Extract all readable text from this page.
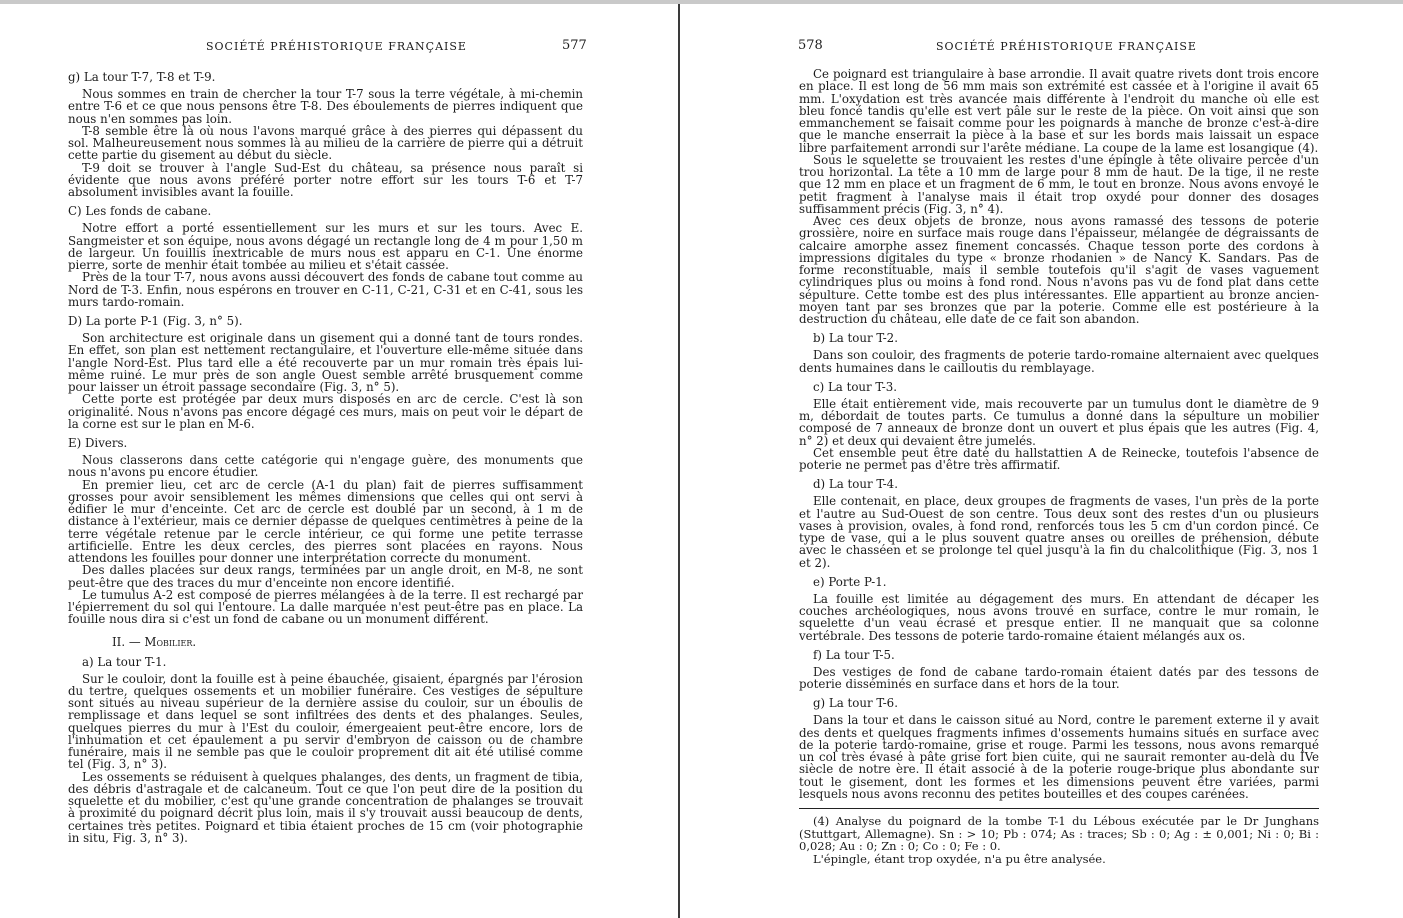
SOCIÉTÉ PRÉHISTORIQUE FRANÇAISE	577
g) La tour T-7, T-8 et T-9.

Nous sommes en train de chercher la tour T-7 sous la terre végétale, à mi-chemin entre T-6 et ce que nous pensons être T-8. Des éboulements de pierres indiquent que nous n'en sommes pas loin.

T-8 semble être là où nous l'avons marqué grâce à des pierres qui dépassent du sol. Malheureusement nous sommes là au milieu de la carrière de pierre qui a détruit cette partie du gisement au début du siècle.

T-9 doit se trouver à l'angle Sud-Est du château, sa présence nous paraît si évidente que nous avons préféré porter notre effort sur les tours T-6 et T-7 absolument invisibles avant la fouille.

C) Les fonds de cabane.

Notre effort a porté essentiellement sur les murs et sur les tours. Avec E. Sangmeister et son équipe, nous avons dégagé un rectangle long de 4 m pour 1,50 m de largeur. Un fouillis inextricable de murs nous est apparu en C-1. Une énorme pierre, sorte de menhir était tombée au milieu et s'était cassée.

Près de la tour T-7, nous avons aussi découvert des fonds de cabane tout comme au Nord de T-3. Enfin, nous espérons en trouver en C-11, C-21, C-31 et en C-41, sous les murs tardo-romain.

D) La porte P-1 (Fig. 3, n° 5).

Son architecture est originale dans un gisement qui a donné tant de tours rondes. En effet, son plan est nettement rectangulaire, et l'ouverture elle-même située dans l'angle Nord-Est. Plus tard elle a été recouverte par un mur romain très épais lui-même ruiné. Le mur près de son angle Ouest semble arrêté brusquement comme pour laisser un étroit passage secondaire (Fig. 3, n° 5).

Cette porte est protégée par deux murs disposés en arc de cercle. C'est là son originalité. Nous n'avons pas encore dégagé ces murs, mais on peut voir le départ de la corne est sur le plan en M-6.

E) Divers.

Nous classerons dans cette catégorie qui n'engage guère, des monuments que nous n'avons pu encore étudier.

En premier lieu, cet arc de cercle (A-1 du plan) fait de pierres suffisamment grosses pour avoir sensiblement les mêmes dimensions que celles qui ont servi à édifier le mur d'enceinte. Cet arc de cercle est doublé par un second, à 1 m de distance à l'extérieur, mais ce dernier dépasse de quelques centimètres à peine de la terre végétale retenue par le cercle intérieur, ce qui forme une petite terrasse artificielle. Entre les deux cercles, des pierres sont placées en rayons. Nous attendons les fouilles pour donner une interprétation correcte du monument.

Des dalles placées sur deux rangs, terminées par un angle droit, en M-8, ne sont peut-être que des traces du mur d'enceinte non encore identifié.

Le tumulus A-2 est composé de pierres mélangées à de la terre. Il est rechargé par l'épierrement du sol qui l'entoure. La dalle marquée n'est peut-être pas en place. La fouille nous dira si c'est un fond de cabane ou un monument différent.

II. — Mobilier.
a) La tour T-1.

Sur le couloir, dont la fouille est à peine ébauchée, gisaient, épargnés par l'érosion du tertre, quelques ossements et un mobilier funéraire. Ces vestiges de sépulture sont situés au niveau supérieur de la dernière assise du couloir, sur un éboulis de remplissage et dans lequel se sont infiltrées des dents et des phalanges. Seules, quelques pierres du mur à l'Est du couloir, émergeaient peut-être encore, lors de l'inhumation et cet épaulement a pu servir d'embryon de caisson ou de chambre funéraire, mais il ne semble pas que le couloir proprement dit ait été utilisé comme tel (Fig. 3, n° 3).

Les ossements se réduisent à quelques phalanges, des dents, un fragment de tibia, des débris d'astragale et de calcaneum. Tout ce que l'on peut dire de la position du squelette et du mobilier, c'est qu'une grande concentration de phalanges se trouvait à proximité du poignard décrit plus loin, mais il s'y trouvait aussi beaucoup de dents, certaines très petites. Poignard et tibia étaient proches de 15 cm (voir photographie in situ, Fig. 3, n° 3).

578	SOCIÉTÉ PRÉHISTORIQUE FRANÇAISE

Ce poignard est triangulaire à base arrondie. Il avait quatre rivets dont trois encore en place. Il est long de 56 mm mais son extrémité est cassée et à l'origine il avait 65 mm. L'oxydation est très avancée mais différente à l'endroit du manche où elle est bleu foncé tandis qu'elle est vert pâle sur le reste de la pièce. On voit ainsi que son emmanchement se faisait comme pour les poignards à manche de bronze c'est-à-dire que le manche enserrait la pièce à la base et sur les bords mais laissait un espace libre parfaitement arrondi sur l'arête médiane. La coupe de la lame est losangique (4).

Sous le squelette se trouvaient les restes d'une épingle à tête olivaire percée d'un trou horizontal. La tête a 10 mm de large pour 8 mm de haut. De la tige, il ne reste que 12 mm en place et un fragment de 6 mm, le tout en bronze. Nous avons envoyé le petit fragment à l'analyse mais il était trop oxydé pour donner des dosages suffisamment précis (Fig. 3, n° 4).

Avec ces deux objets de bronze, nous avons ramassé des tessons de poterie grossière, noire en surface mais rouge dans l'épaisseur, mélangée de dégraissants de calcaire amorphe assez finement concassés. Chaque tesson porte des cordons à impressions digitales du type « bronze rhodanien » de Nancy K. Sandars. Pas de forme reconstituable, mais il semble toutefois qu'il s'agit de vases vaguement cylindriques plus ou moins à fond rond. Nous n'avons pas vu de fond plat dans cette sépulture. Cette tombe est des plus intéressantes. Elle appartient au bronze ancien-moyen tant par ses bronzes que par la poterie. Comme elle est postérieure à la destruction du château, elle date de ce fait son abandon.

b) La tour T-2.

Dans son couloir, des fragments de poterie tardo-romaine alternaient avec quelques dents humaines dans le cailloutis du remblayage.

c) La tour T-3.

Elle était entièrement vide, mais recouverte par un tumulus dont le diamètre de 9 m, débordait de toutes parts. Ce tumulus a donné dans la sépulture un mobilier composé de 7 anneaux de bronze dont un ouvert et plus épais que les autres (Fig. 4, n° 2) et deux qui devaient être jumelés.

Cet ensemble peut être daté du hallstattien A de Reinecke, toutefois l'absence de poterie ne permet pas d'être très affirmatif.

d) La tour T-4.

Elle contenait, en place, deux groupes de fragments de vases, l'un près de la porte et l'autre au Sud-Ouest de son centre. Tous deux sont des restes d'un ou plusieurs vases à provision, ovales, à fond rond, renforcés tous les 5 cm d'un cordon pincé. Ce type de vase, qui a le plus souvent quatre anses ou oreilles de préhension, débute avec le chasséen et se prolonge tel quel jusqu'à la fin du chalcolithique (Fig. 3, nos 1 et 2).

e) Porte P-1.

La fouille est limitée au dégagement des murs. En attendant de décaper les couches archéologiques, nous avons trouvé en surface, contre le mur romain, le squelette d'un veau écrasé et presque entier. Il ne manquait que sa colonne vertébrale. Des tessons de poterie tardo-romaine étaient mélangés aux os.

f) La tour T-5.

Des vestiges de fond de cabane tardo-romain étaient datés par des tessons de poterie disséminés en surface dans et hors de la tour.

g) La tour T-6.

Dans la tour et dans le caisson situé au Nord, contre le parement externe il y avait des dents et quelques fragments infimes d'ossements humains situés en surface avec de la poterie tardo-romaine, grise et rouge. Parmi les tessons, nous avons remarqué un col très évasé à pâte grise fort bien cuite, qui ne saurait remonter au-delà du IVe siècle de notre ère. Il était associé à de la poterie rouge-brique plus abondante sur tout le gisement, dont les formes et les dimensions peuvent être variées, parmi lesquels nous avons reconnu des petites bouteilles et des coupes carénées.

(4) Analyse du poignard de la tombe T-1 du Lébous exécutée par le Dr Junghans (Stuttgart, Allemagne). Sn : > 10; Pb : 074; As : traces; Sb : 0; Ag : ± 0,001; Ni : 0; Bi : 0,028; Au : 0; Zn : 0; Co : 0; Fe : 0.

L'épingle, étant trop oxydée, n'a pu être analysée.
